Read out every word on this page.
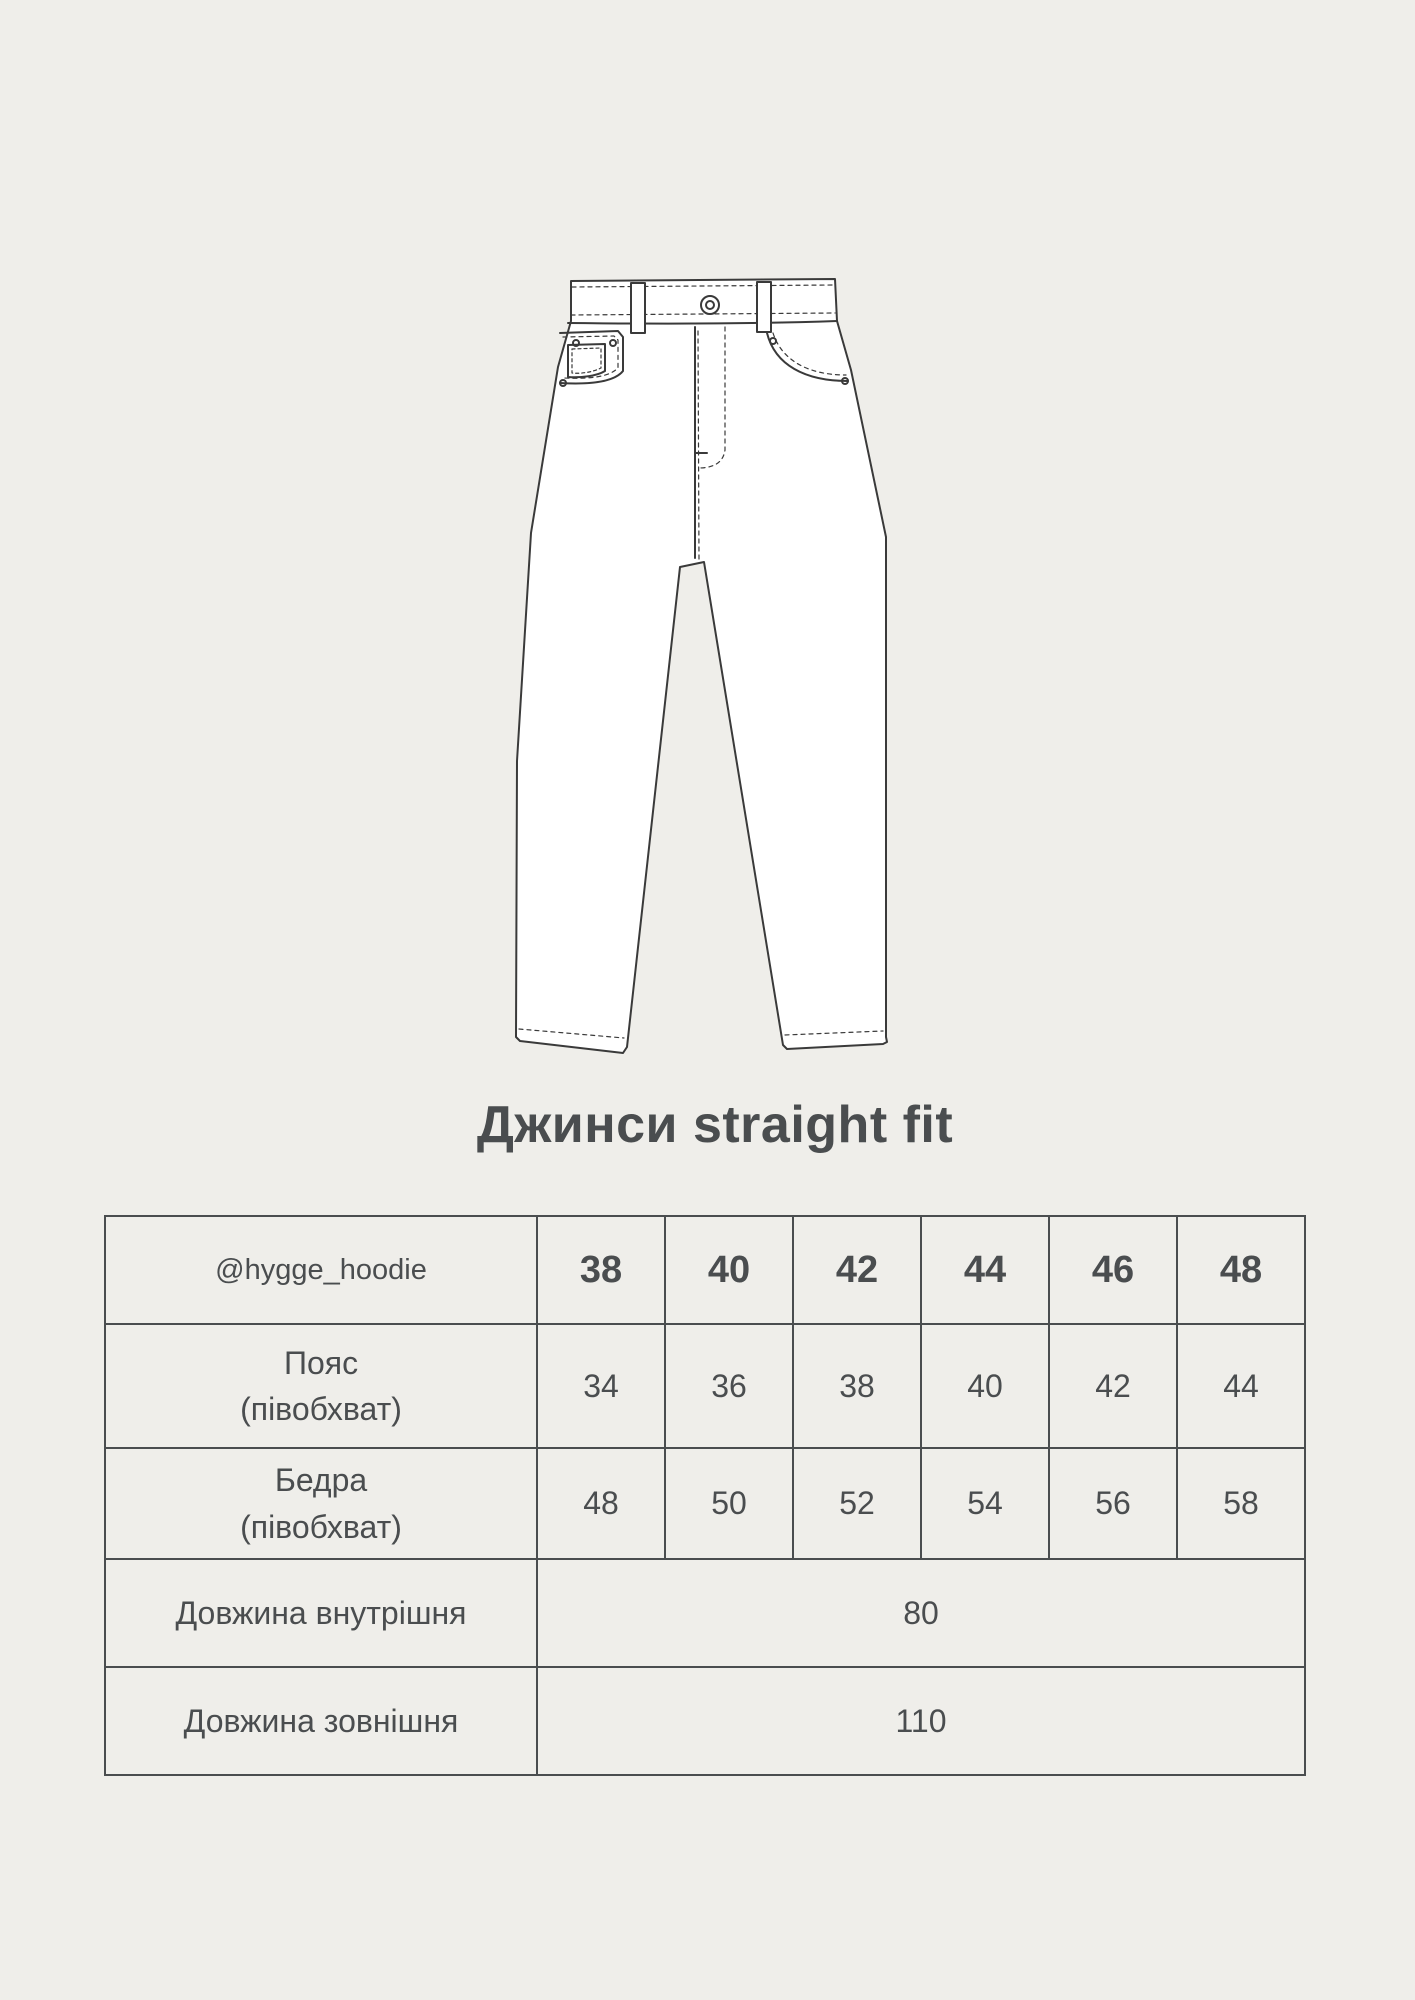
Джинси straight fit
@hygge_hoodie	38	40	42	44	46	48
Пояс
(півобхват)	34	36	38	40	42	44
Бедра
(півобхват)	48	50	52	54	56	58
Довжина внутрішня	80					
Довжина зовнішня	110					
